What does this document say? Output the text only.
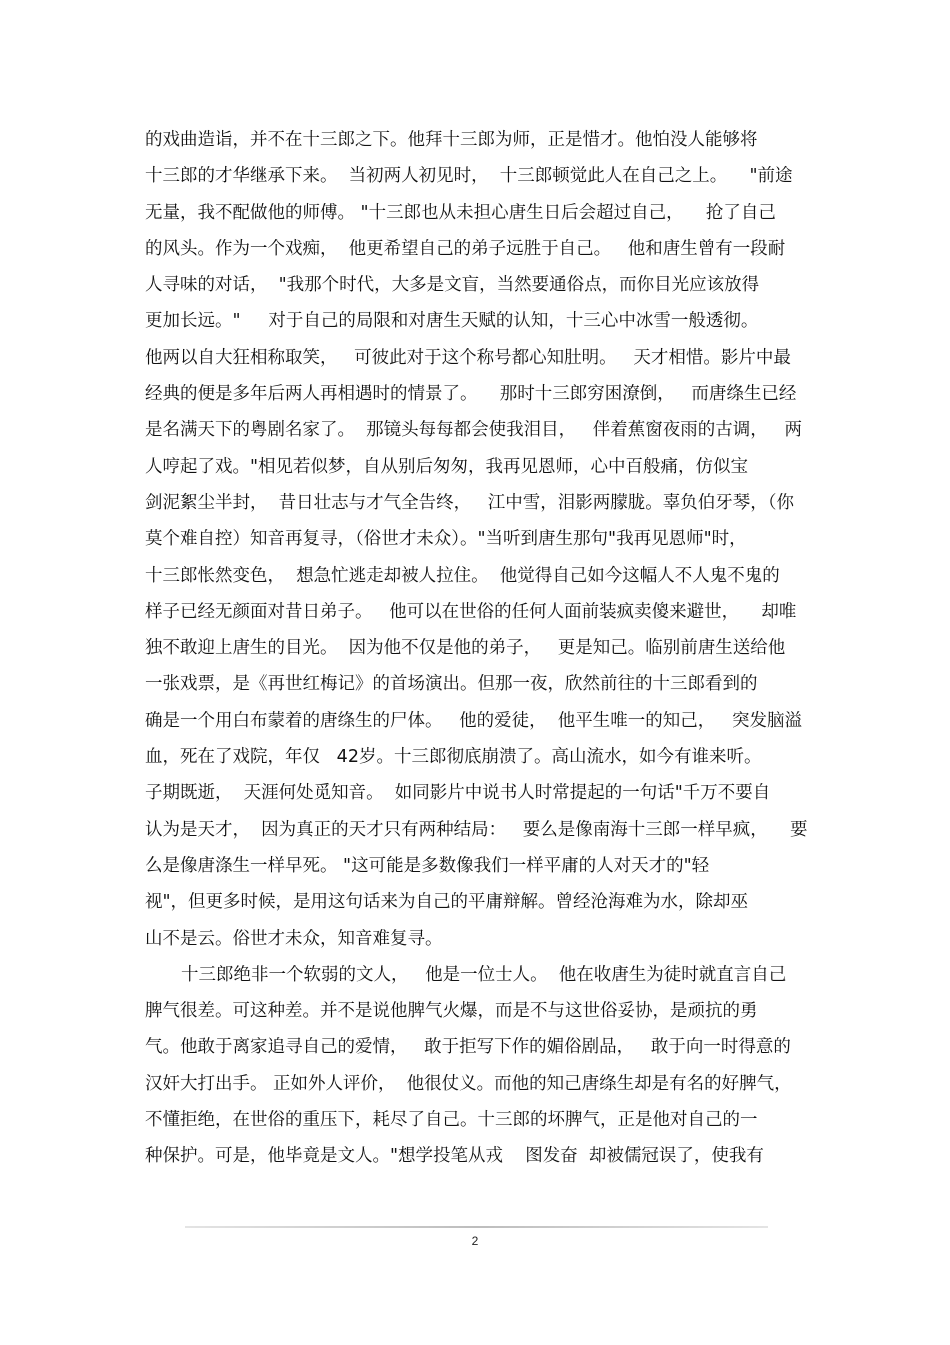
的戏曲造诣，并不在十三郎之下。他拜十三郎为师，正是惜才。他怕没人能够将
十三郎的才华继承下来。  当初两人初见时，  十三郎顿觉此人在自己之上。    "前途
无量，我不配做他的师傅。 "十三郎也从未担心唐生日后会超过自己，    抢了自己
的风头。作为一个戏痴，  他更希望自己的弟子远胜于自己。   他和唐生曾有一段耐
人寻味的对话，  "我那个时代，大多是文盲，当然要通俗点，而你目光应该放得
更加长远。"     对于自己的局限和对唐生天赋的认知，十三心中冰雪一般透彻。
他两以自大狂相称取笑，   可彼此对于这个称号都心知肚明。   天才相惜。影片中最
经典的便是多年后两人再相遇时的情景了。    那时十三郎穷困潦倒，   而唐绦生已经
是名满天下的粤剧名家了。  那镜头每每都会使我泪目，   伴着蕉窗夜雨的古调，   两
人哼起了戏。"相见若似梦，自从别后匆匆，我再见恩师，心中百般痛，仿似宝
剑泥絮尘半封，  昔日壮志与才气全告终，   江中雪，泪影两朦胧。辜负伯牙琴，（你
莫个难自控）知音再复寻，（俗世才未众）。"当听到唐生那句"我再见恩师"时，
十三郎怅然变色，  想急忙逃走却被人拉住。  他觉得自己如今这幅人不人鬼不鬼的
样子已经无颜面对昔日弟子。   他可以在世俗的任何人面前装疯卖傻来避世，    却唯
独不敢迎上唐生的目光。  因为他不仅是他的弟子，   更是知己。临别前唐生送给他
一张戏票，是《再世红梅记》的首场演出。但那一夜，欣然前往的十三郎看到的
确是一个用白布蒙着的唐绦生的尸体。   他的爱徒，  他平生唯一的知己，   突发脑溢
血，死在了戏院，年仅   42岁。十三郎彻底崩溃了。高山流水，如今有谁来听。
子期既逝，  天涯何处觅知音。  如同影片中说书人时常提起的一句话"千万不要自
认为是天才，  因为真正的天才只有两种结局：   要么是像南海十三郎一样早疯，    要
么是像唐涤生一样早死。 "这可能是多数像我们一样平庸的人对天才的"轻
视"，但更多时候，是用这句话来为自己的平庸辩解。曾经沧海难为水，除却巫
山不是云。俗世才未众，知音难复寻。
十三郎绝非一个软弱的文人，   他是一位士人。  他在收唐生为徒时就直言自己
脾气很差。可这种差。并不是说他脾气火爆，而是不与这世俗妥协，是顽抗的勇
气。他敢于离家追寻自己的爱情，   敢于拒写下作的媚俗剧品，   敢于向一时得意的
汉奸大打出手。 正如外人评价，  他很仗义。而他的知己唐绦生却是有名的好脾气，
不懂拒绝，在世俗的重压下，耗尽了自己。十三郎的坏脾气，正是他对自己的一
种保护。可是，他毕竟是文人。"想学投笔从戎    图发奋  却被儒冠误了，使我有
2
